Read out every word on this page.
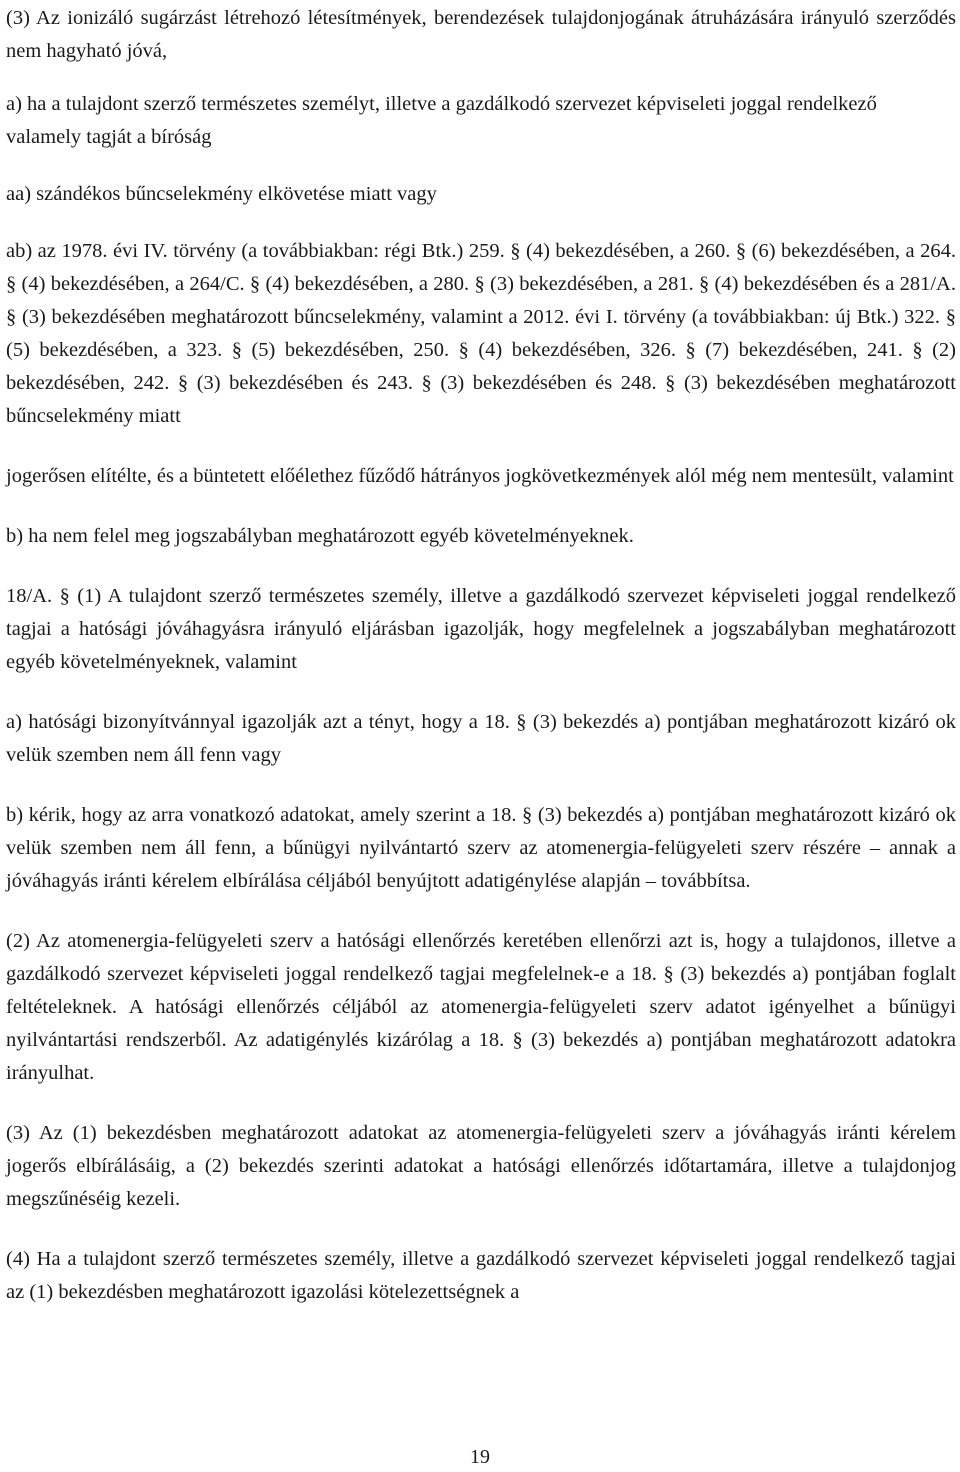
(3) Az ionizáló sugárzást létrehozó létesítmények, berendezések tulajdonjogának átruházására irányuló szerződés nem hagyható jóvá,

a) ha a tulajdont szerző természetes személyt, illetve a gazdálkodó szervezet képviseleti joggal rendelkező valamely tagját a bíróság

aa) szándékos bűncselekmény elkövetése miatt vagy

ab) az 1978. évi IV. törvény (a továbbiakban: régi Btk.) 259. § (4) bekezdésében, a 260. § (6) bekezdésében, a 264. § (4) bekezdésében, a 264/C. § (4) bekezdésében, a 280. § (3) bekezdésében, a 281. § (4) bekezdésében és a 281/A. § (3) bekezdésében meghatározott bűncselekmény, valamint a 2012. évi I. törvény (a továbbiakban: új Btk.) 322. § (5) bekezdésében, a 323. § (5) bekezdésében, 250. § (4) bekezdésében, 326. § (7) bekezdésében, 241. § (2) bekezdésében, 242. § (3) bekezdésében és 243. § (3) bekezdésében és 248. § (3) bekezdésében meghatározott bűncselekmény miatt

jogerősen elítélte, és a büntetett előélethez fűződő hátrányos jogkövetkezmények alól még nem mentesült, valamint

b) ha nem felel meg jogszabályban meghatározott egyéb követelményeknek.

18/A. § (1) A tulajdont szerző természetes személy, illetve a gazdálkodó szervezet képviseleti joggal rendelkező tagjai a hatósági jóváhagyásra irányuló eljárásban igazolják, hogy megfelelnek a jogszabályban meghatározott egyéb követelményeknek, valamint

a) hatósági bizonyítvánnyal igazolják azt a tényt, hogy a 18. § (3) bekezdés a) pontjában meghatározott kizáró ok velük szemben nem áll fenn vagy

b) kérik, hogy az arra vonatkozó adatokat, amely szerint a 18. § (3) bekezdés a) pontjában meghatározott kizáró ok velük szemben nem áll fenn, a bűnügyi nyilvántartó szerv az atomenergia-felügyeleti szerv részére – annak a jóváhagyás iránti kérelem elbírálása céljából benyújtott adatigénylése alapján – továbbítsa.

(2) Az atomenergia-felügyeleti szerv a hatósági ellenőrzés keretében ellenőrzi azt is, hogy a tulajdonos, illetve a gazdálkodó szervezet képviseleti joggal rendelkező tagjai megfelelnek-e a 18. § (3) bekezdés a) pontjában foglalt feltételeknek. A hatósági ellenőrzés céljából az atomenergia-felügyeleti szerv adatot igényelhet a bűnügyi nyilvántartási rendszerből. Az adatigénylés kizárólag a 18. § (3) bekezdés a) pontjában meghatározott adatokra irányulhat.

(3) Az (1) bekezdésben meghatározott adatokat az atomenergia-felügyeleti szerv a jóváhagyás iránti kérelem jogerős elbírálásáig, a (2) bekezdés szerinti adatokat a hatósági ellenőrzés időtartamára, illetve a tulajdonjog megszűnéséig kezeli.

(4) Ha a tulajdont szerző természetes személy, illetve a gazdálkodó szervezet képviseleti joggal rendelkező tagjai az (1) bekezdésben meghatározott igazolási kötelezettségnek a

19
